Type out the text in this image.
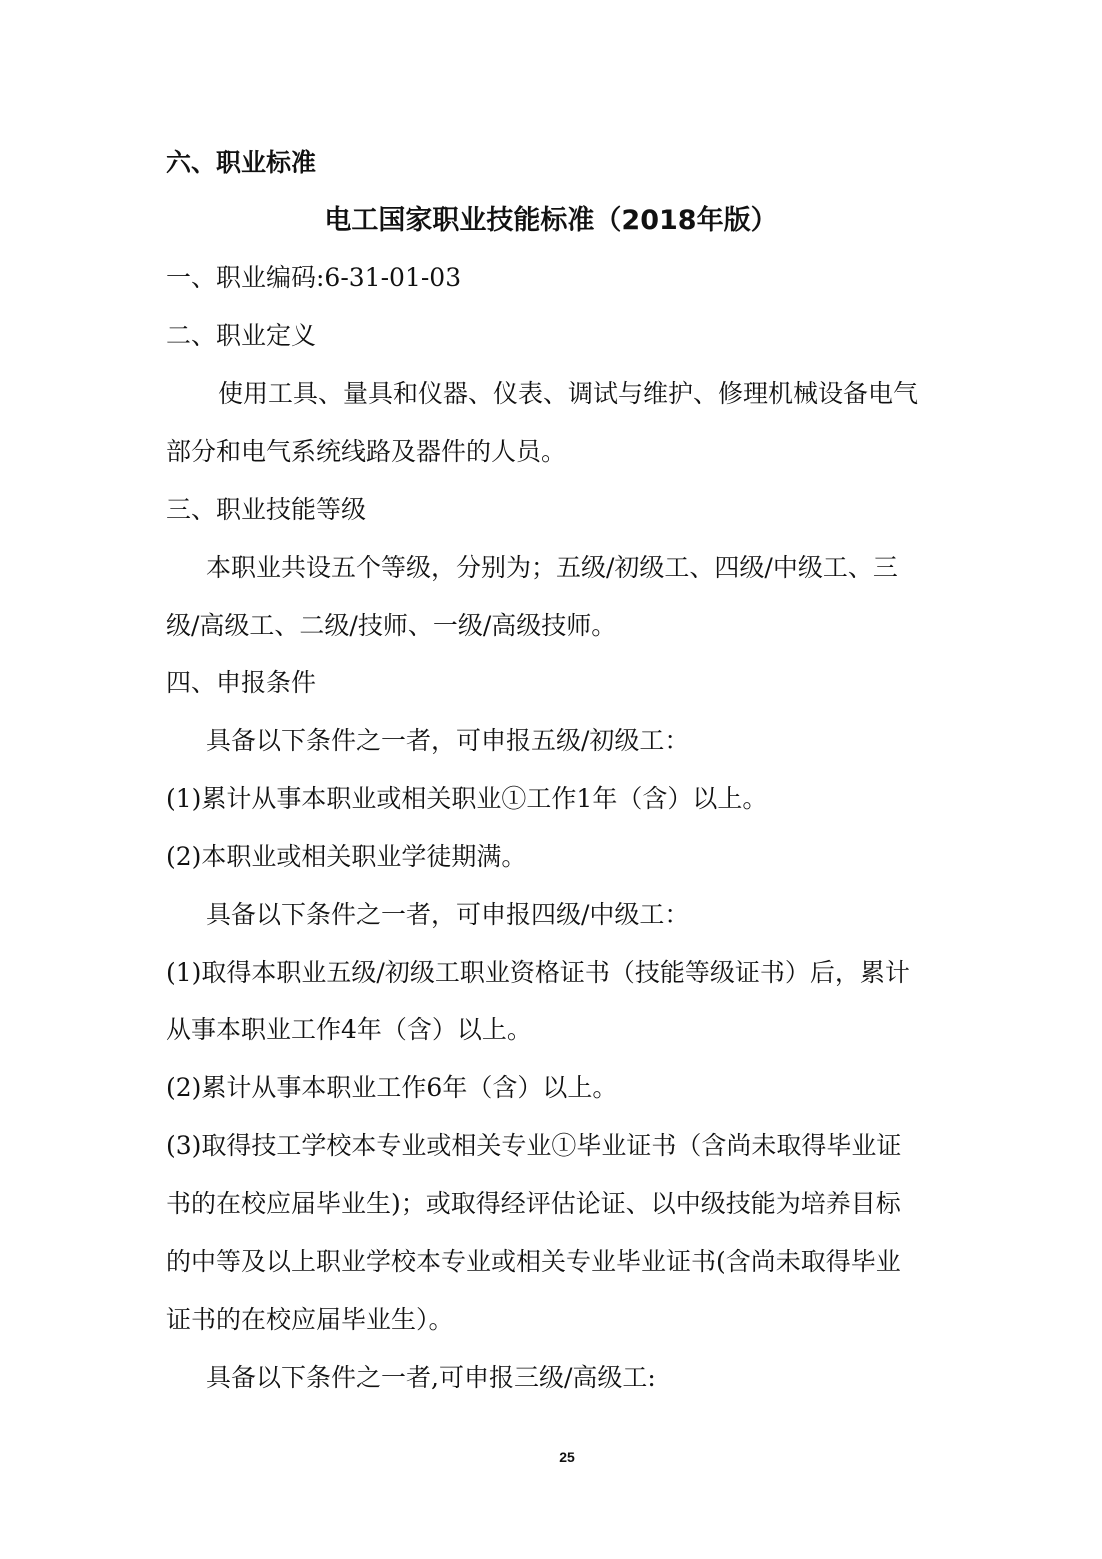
六、职业标准
电工国家职业技能标准（2018年版）
一、职业编码:6-31-01-03
二、职业定义
使用工具、量具和仪器、仪表、调试与维护、修理机械设备电气
部分和电气系统线路及器件的人员。
三、职业技能等级
本职业共设五个等级，分别为；五级/初级工、四级/中级工、三
级/高级工、二级/技师、一级/高级技师。
四、申报条件
具备以下条件之一者，可申报五级/初级工：
(1)累计从事本职业或相关职业①工作1年（含）以上。
(2)本职业或相关职业学徒期满。
具备以下条件之一者，可申报四级/中级工：
(1)取得本职业五级/初级工职业资格证书（技能等级证书）后，累计
从事本职业工作4年（含）以上。
(2)累计从事本职业工作6年（含）以上。
(3)取得技工学校本专业或相关专业①毕业证书（含尚未取得毕业证
书的在校应届毕业生)；或取得经评估论证、以中级技能为培养目标
的中等及以上职业学校本专业或相关专业毕业证书(含尚未取得毕业
证书的在校应届毕业生）。
具备以下条件之一者,可申报三级/高级工:
25
